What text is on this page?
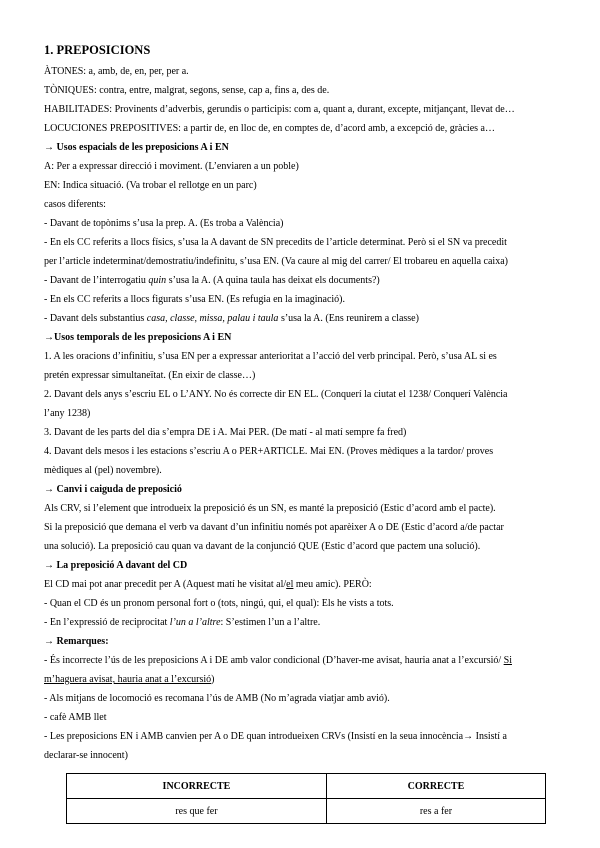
1. PREPOSICIONS
ÀTONES: a, amb, de, en, per, per a.
TÒNIQUES: contra, entre, malgrat, segons, sense, cap a, fins a, des de.
HABILITADES: Provinents d’adverbis, gerundis o participis: com a, quant a, durant, excepte, mitjançant, llevat de…
LOCUCIONES PREPOSITIVES: a partir de, en lloc de, en comptes de, d’acord amb, a excepció de, gràcies a…
→ Usos espacials de les preposicions A i EN
A: Per a expressar direcció i moviment. (L’enviaren a un poble)
EN: Indica situació. (Va trobar el rellotge en un parc)
casos diferents:
- Davant de topònims s’usa la prep. A. (Es troba a València)
- En els CC referits a llocs físics, s’usa la A davant de SN precedits de l’article determinat. Però si el SN va precedit
per l’article indeterminat/demostratiu/indefinitu, s’usa EN. (Va caure al mig del carrer/ El trobareu en aquella caixa)
- Davant de l’interrogatiu quin s’usa la A. (A quina taula has deixat els documents?)
- En els CC referits a llocs figurats s’usa EN. (Es refugia en la imaginació).
- Davant dels substantius casa, classe, missa, palau i taula s’usa la A. (Ens reunirem a classe)
→Usos temporals de les preposicions A i EN
1. A les oracions d’infinitiu, s’usa EN per a expressar anterioritat a l’acció del verb principal. Però, s’usa AL si es
pretén expressar simultaneïtat. (En eixir de classe…)
2. Davant dels anys s’escriu EL o L’ANY. No és correcte dir EN EL. (Conquerí la ciutat el 1238/ Conquerí València
l’any 1238)
3. Davant de les parts del dia s’empra DE i A. Mai PER. (De matí - al matí sempre fa fred)
4. Davant dels mesos i les estacions s’escriu A o PER+ARTICLE. Mai EN. (Proves mèdiques a la tardor/ proves
mèdiques al (pel) novembre).
→ Canvi i caiguda de preposició
Als CRV, si l’element que introdueix la preposició és un SN, es manté la preposició (Estic d’acord amb el pacte).
Si la preposició que demana el verb va davant d’un infinitiu només pot aparèixer A o DE (Estic d’acord a/de pactar
una solució). La preposició cau quan va davant de la conjunció QUE (Estic d’acord que pactem una solució).
→ La preposició A davant del CD
El CD mai pot anar precedit per A (Aquest matí he visitat al/el meu amic). PERÒ:
- Quan el CD és un pronom personal fort o (tots, ningú, qui, el qual): Els he vists a tots.
- En l’expressió de reciprocitat l’un a l’altre: S’estimen l’un a l’altre.
→ Remarques:
- És incorrecte l’ús de les preposicions A i DE amb valor condicional (D’haver-me avisat, hauria anat a l’excursió/ Si
m’haguera avisat, hauria anat a l’excursió)
- Als mitjans de locomoció es recomana l’ús de AMB (No m’agrada viatjar amb avió).
- cafè AMB llet
- Les preposicions EN i AMB canvien per A o DE quan introdueixen CRVs (Insistí en la seua innocència→ Insistí a
declarar-se innocent)
INCORRECTE	CORRECTE
res que fer	res a fer
